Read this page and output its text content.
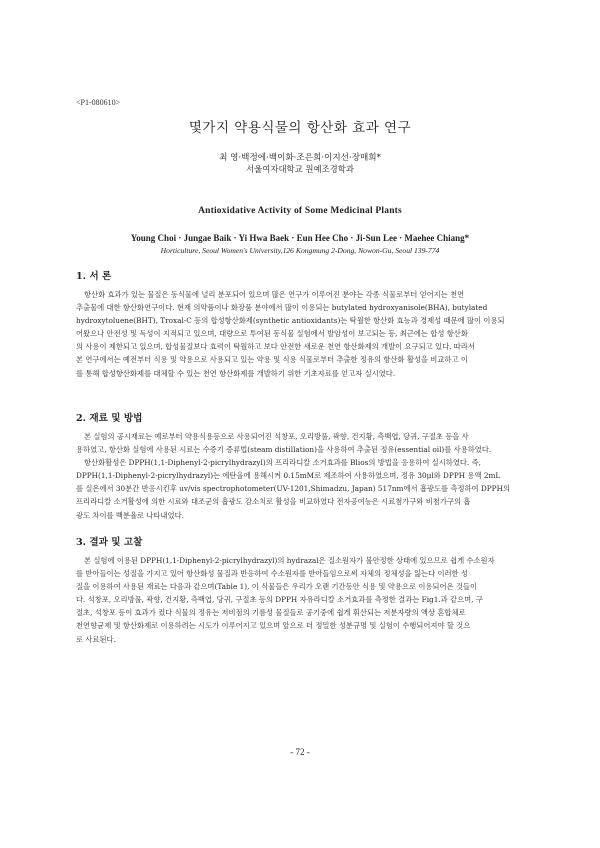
<P1-080610>
몇가지 약용식물의 항산화 효과 연구
최 영·백정에·백이화·조은희·이지선·장매희*
서울여자대학교 원예조경학과
Antioxidative Activity of Some Medicinal Plants
Young Choi · Jungae Baik · Yi Hwa Baek · Eun Hee Cho · Ji-Sun Lee · Maehee Chiang*
Horticulture, Seoul Women's University,126 Kongmung 2-Dong, Nowon-Gu, Seoul 139-774
1. 서 론
항산화 효과가 있는 물질은 동식물에 널리 분포되어 있으며 많은 연구가 이루어진 분야는 각종 식물로부터 얻어지는 천연
추출물에 대한 항산화연구이다. 현재 의약품이나 화장품 분야에서 많이 이용되는 butylated hydroxyanisole(BHA), butylated
hydroxytoluene(BHT), Troxal-C 등의 합성항산화제(synthetic antioxidants)는 탁월한 항산화 효능과 경제성 때문에 많이 이용되
어왔으나 안전성 및 독성이 지적되고 있으며, 대량으로 투여된 동식물 실험에서 발암성이 보고되는 등, 최근에는 합성 항산화
의 사용이 제한되고 있으며, 합성물질보다 효력이 탁월하고 보다 안전한 새로운 천연 항산화제의 개발이 요구되고 있다. 따라서
본 연구에서는 예전부터 식용 및 약용으로 사용되고 있는 약용 및 식용 식물로부터 추출한 정유의 항산화 활성을 비교하고 이
를 통해 합성항산화제를 대체할 수 있는 천연 항산화제를 개발하기 위한 기초자료를 얻고자 실시였다.
2. 재료 및 방법
본 실험의 공시재료는 예로부터 약용식용등으로 사용되어진 석창포, 오리방풀, 곽향, 건지황, 측백엽, 당귀, 구절초 등을 사
용하였고, 항산화 실험에 사용된 시료는 수증기 증류법(steam distillation)을 사용하여 추출된 정유(essential oil)를 사용하였다.
항산화활성은 DPPH(1,1-Diphenyl-2-picrylhydrazyl)의 프리라디칼 소거효과를 Blios의 방법을 응용하여 실시하였다. 즉,
DPPH(1,1-Diphenyl-2-picrylhydrazyl)는 에탄올에 용해시켜 0.15mM로 제조하여 사용하였으며, 정유 30μl와 DPPH 용액 2mL
를 실온에서 30분간 반응시킨후 uv/vis spectrophotometer(UV-1201,Shimadzu, Japan) 517nm에서 흡광도를 측정하여 DPPH의
프리라디칼 소거활성에 의한 시료와 대조군의 흡광도 감소치로 활성을 비교하였다 전자공여능은 시료첨가구와 비첨가구의 흡
광도 차이를 백분율로 나타내었다.
3. 결과 및 고찰
본 실험에 이용된 DPPH(1,1-Diphenyl-2-picrylhydrazyl)의 hydrazal은 질소원자가 불안정한 상태에 있으므로 쉽게 수소원자
를 받아들이는 성질을 가지고 있어 항산화성 물질과 반응하여 수소원자를 받아들임으로써 자체의 정체성을 잃는다 이러한 성
질을 이용하여 사용된 재료는 다음과 같으며(Table 1), 이 식물들은 우리가 오랜 기간동안 식용 및 약용으로 이용되어온 것들이
다. 석창포, 오리방풀, 곽향, 건지황, 측백엽, 당귀, 구절초 등의 DPPH 자유라디칼 소거효과를 측정한 결과는 Fig1.과 같으며, 구
절초, 석창포 등이 효과가 컸다 식물의 정유는 저비점의 기름성 물질들로 공기중에 쉽게 휘산되는 저분자량의 액상 혼합체로
천연향균제 및 항산화제로 이용하려는 시도가 이루어지고 있으며 앞으로 더 정밀한 성분규명 및 실험이 수행되어져야 할 것으
로 사료된다.
- 72 -
